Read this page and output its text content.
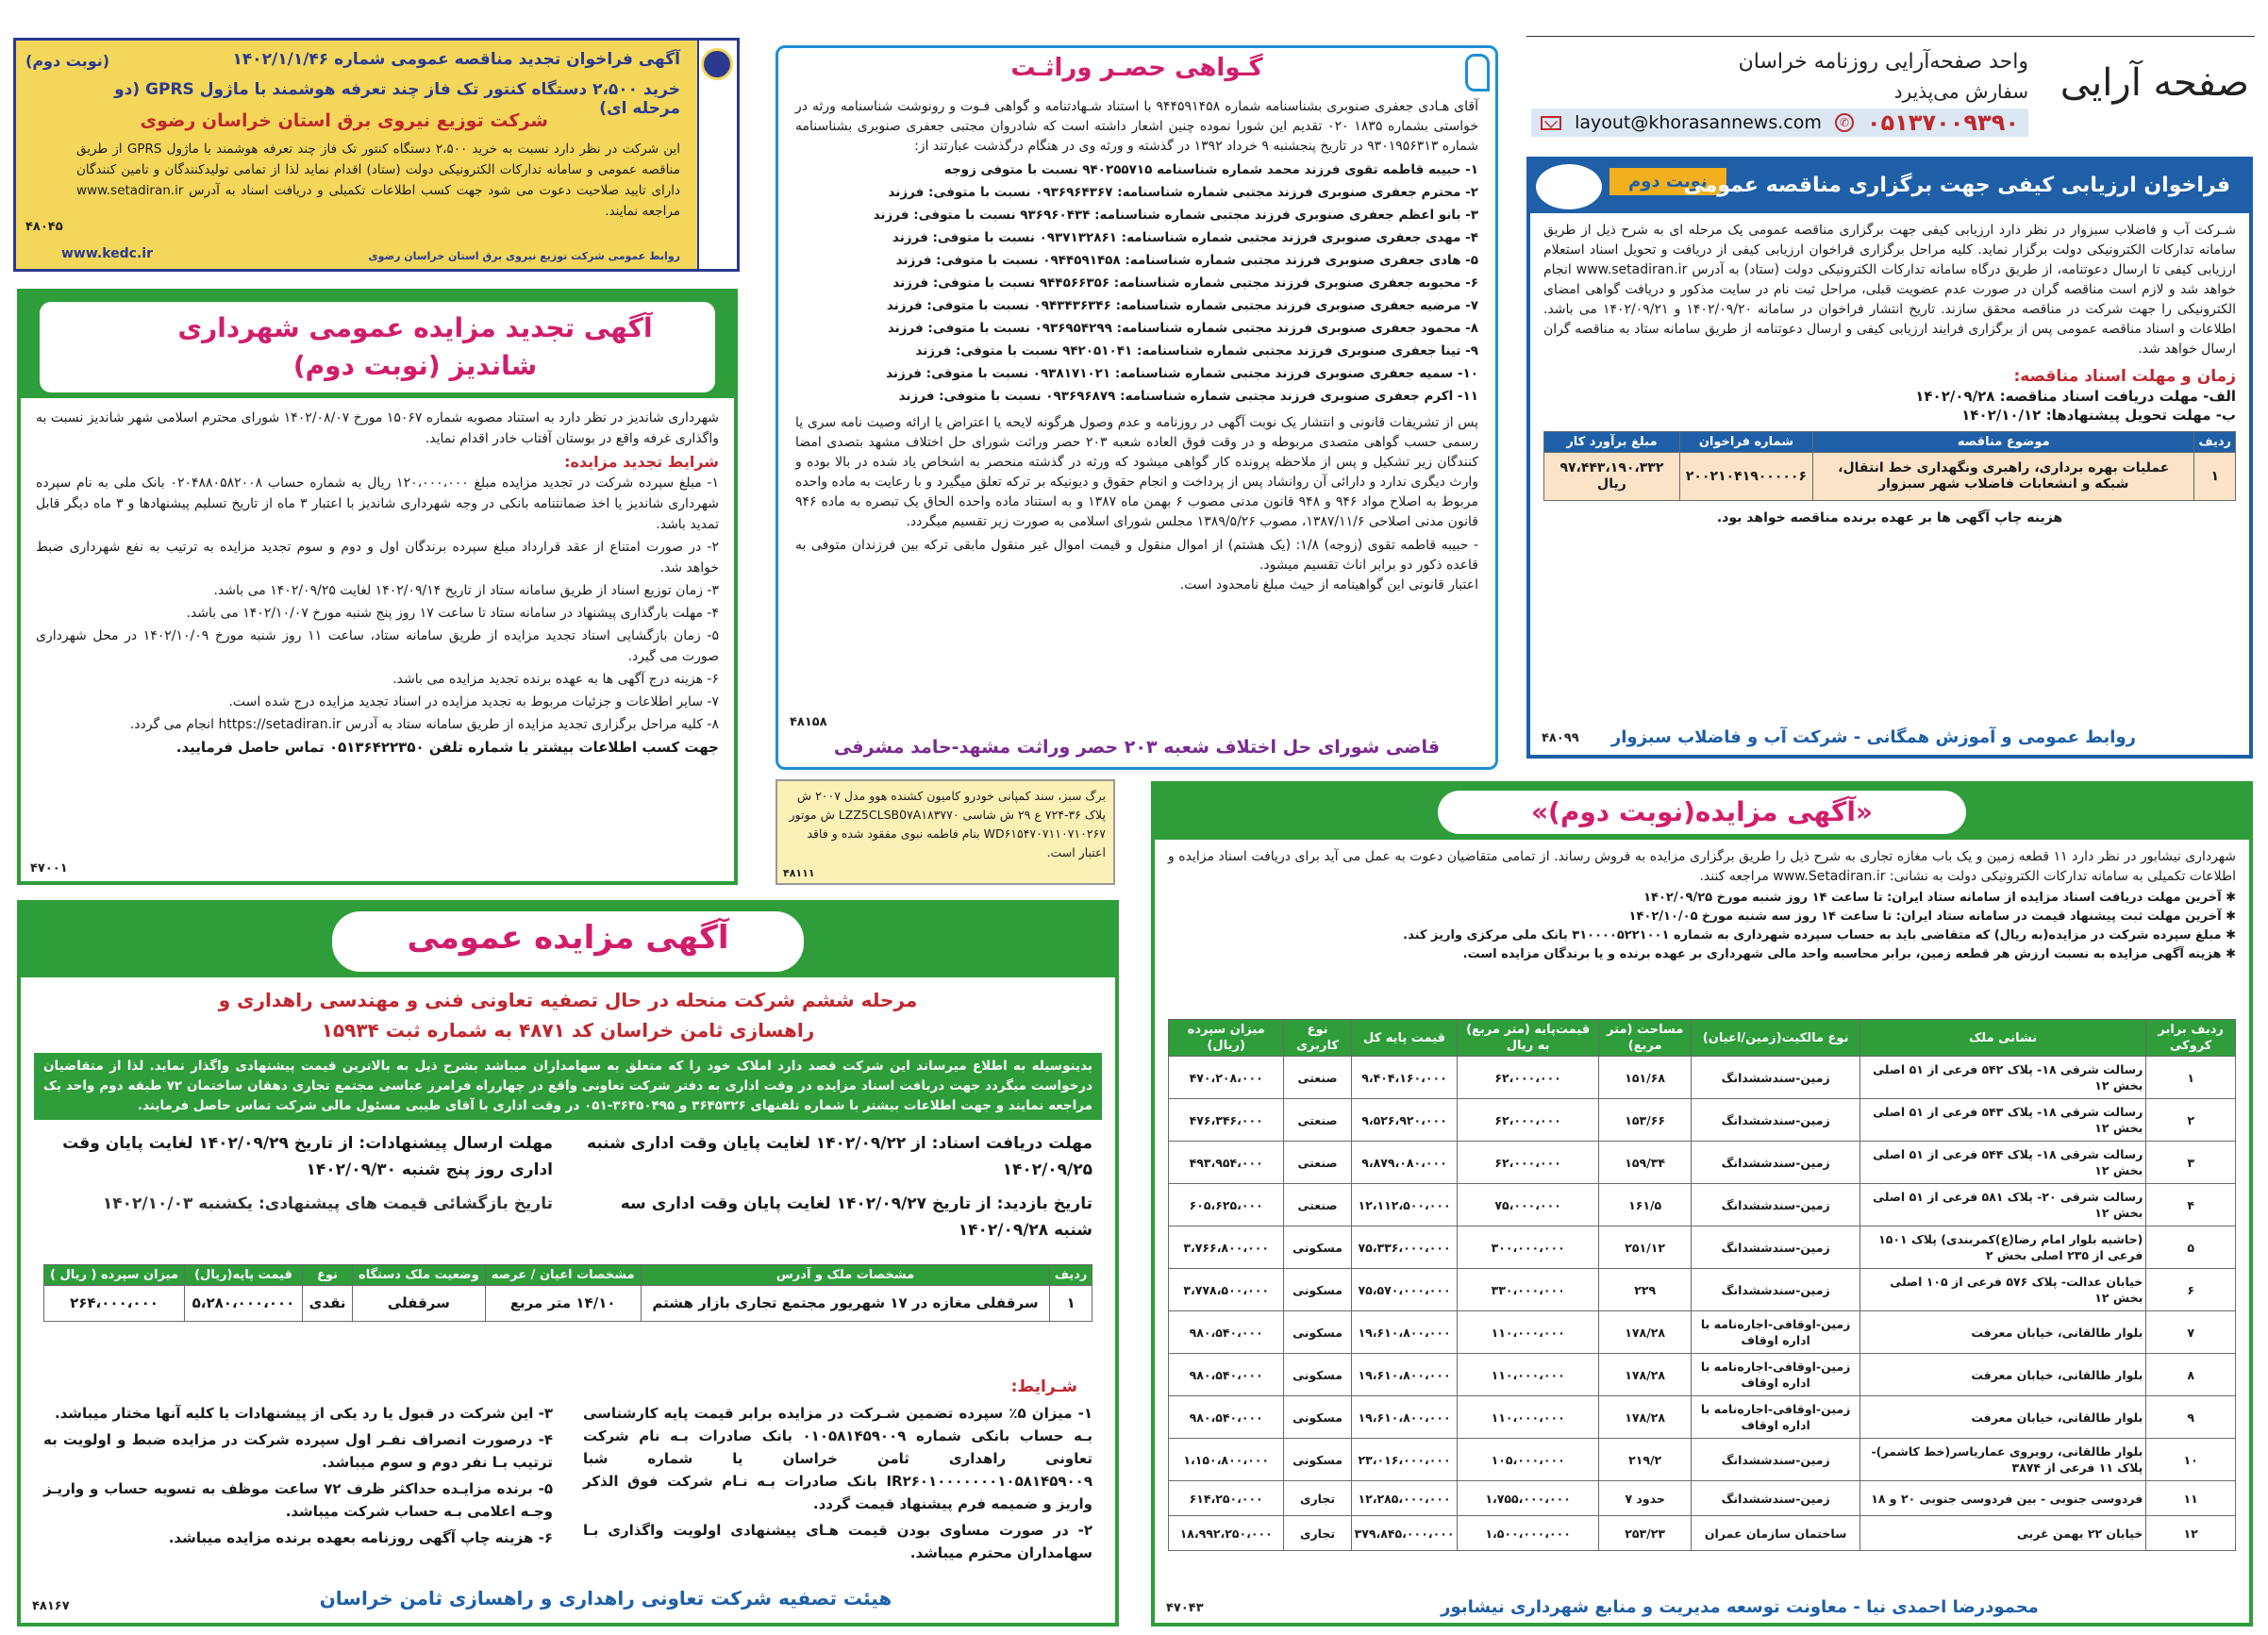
صفحه آرایی
واحد صفحه‌آرایی روزنامه خراسان
سفارش می‌پذیرد
layout@khorasannews.com	✆ ۰۵۱۳۷۰۰۹۳۹۰
(نوبت دوم)	آگهی فراخوان تجدید مناقصه عمومی شماره ۱۴۰۲/۱/۱/۴۶
خرید ۲،۵۰۰ دستگاه کنتور تک فاز چند تعرفه هوشمند با ماژول GPRS (دو مرحله ای)
شرکت توزیع نیروی برق استان خراسان رضوی
این شرکت در نظر دارد نسبت به خرید ۲،۵۰۰ دستگاه کنتور تک فاز چند تعرفه هوشمند با ماژول GPRS از طریق مناقصه عمومی و سامانه تدارکات الکترونیکی دولت (ستاد) اقدام نماید لذا از تمامی تولیدکنندگان و تامین کنندگان دارای تایید صلاحیت دعوت می شود جهت کسب اطلاعات تکمیلی و دریافت اسناد به آدرس www.setadiran.ir مراجعه نمایند.
www.kedc.ir	روابط عمومی شرکت توزیع نیروی برق استان خراسان رضوی
۴۸۰۴۵
گـواهی حصـر وراثـت
آقای هـادی جعفری صنوبری بشناسنامه شماره ۹۴۴۵۹۱۴۵۸ با استناد شـهادتنامه و گواهی فـوت و رونوشت شناسنامه ورثه در خواستی بشماره ۱۸۳۵ ۰۲۰ تقدیم این شورا نموده چنین اشعار داشته است که شادروان مجتبی جعفری صنوبری بشناسنامه شماره ۹۳۰۱۹۵۶۳۱۳ در تاریخ پنجشنبه ۹ خرداد ۱۳۹۲ در گذشته و ورثه وی در هنگام درگذشت عبارتند از:
۱- حبیبه قاطمه تقوی فرزند محمد شماره شناسنامه ۹۴۰۲۵۵۷۱۵ نسبت با متوفی زوجه
۲- محترم جعفری صنوبری فرزند مجتبی شماره شناسنامه: ۰۹۳۶۹۶۴۳۶۷ نسبت با متوفی: فرزند
۳- بانو اعظم جعفری صنوبری فرزند مجتبی شماره شناسنامه: ۹۳۶۹۶۰۴۳۴ نسبت با متوفی: فرزند
۴- مهدی جعفری صنوبری فرزند مجتبی شماره شناسنامه: ۰۹۳۷۱۳۲۸۶۱ نسبت با متوفی: فرزند
۵- هادی جعفری صنوبری فرزند مجتبی شماره شناسنامه: ۰۹۴۴۵۹۱۴۵۸ نسبت با متوفی: فرزند
۶- محبوبه جعفری صنوبری فرزند مجتبی شماره شناسنامه: ۹۴۴۵۶۶۳۵۶ نسبت با متوفی: فرزند
۷- مرضیه جعفری صنوبری فرزند مجتبی شماره شناسنامه: ۰۹۴۳۴۳۶۳۴۶ نسبت با متوفی: فرزند
۸- محمود جعفری صنوبری فرزند مجتبی شماره شناسنامه: ۰۹۳۶۹۵۴۲۹۹ نسبت با متوفی: فرزند
۹- تینا جعفری صنوبری فرزند مجتبی شماره شناسنامه: ۹۴۲۰۵۱۰۴۱ نسبت با متوفی: فرزند
۱۰- سمیه جعفری صنوبری فرزند مجتبی شماره شناسنامه: ۰۹۳۸۱۷۱۰۲۱ نسبت با متوفی: فرزند
۱۱- اکرم جعفری صنوبری فرزند مجتبی شماره شناسنامه: ۰۹۳۶۹۶۸۷۹ نسبت با متوفی: فرزند
پس از تشریفات قانونی و انتشار یک نوبت آگهی در روزنامه و عدم وصول هرگونه لایحه یا اعتراض یا ارائه وصیت نامه سری یا رسمی حسب گواهی متصدی مربوطه و در وقت فوق العاده شعبه ۲۰۳ حصر وراثت شورای حل اختلاف مشهد بتصدی امضا کنندگان زیر تشکیل و پس از ملاحظه پرونده کار گواهی میشود که ورثه در گذشته منحصر به اشخاص یاد شده در بالا بوده و وارث دیگری ندارد و دارائی آن روانشاد پس از پرداخت و انجام حقوق و دیونیکه بر ترکه تعلق میگیرد و با رعایت به ماده واحده مربوط به اصلاح مواد ۹۴۶ و ۹۴۸ قانون مدنی مصوب ۶ بهمن ماه ۱۳۸۷ و به استناد ماده واحده الحاق یک تبصره به ماده ۹۴۶ قانون مدنی اصلاحی ۱۳۸۷/۱۱/۶، مصوب ۱۳۸۹/۵/۲۶ مجلس شورای اسلامی به صورت زیر تقسیم میگردد.
- حبیبه قاطمه تقوی (زوجه) ۱/۸: (یک هشتم) از اموال منقول و قیمت اموال غیر منقول مابقی ترکه بین فرزندان متوفی به قاعده ذکور دو برابر اناث تقسیم میشود.
اعتبار قانونی این گواهینامه از حیث مبلغ نامحدود است.
قاضی شورای حل اختلاف شعبه ۲۰۳ حصر وراثت مشهد-حامد مشرفی
۴۸۱۵۸
نوبت دوم
فراخوان ارزیابی کیفی جهت برگزاری مناقصه عمومی
شـرکت آب و فاضلاب سبزوار در نظر دارد ارزیابی کیفی جهت برگزاری مناقصه عمومی یک مرحله ای به شرح ذیل از طریق سامانه تدارکات الکترونیکی دولت برگزار نماید. کلیه مراحل برگزاری فراخوان ارزیابی کیفی از دریافت و تحویل اسناد استعلام ارزیابی کیفی تا ارسال دعوتنامه، از طریق درگاه سامانه تدارکات الکترونیکی دولت (ستاد) به آدرس www.setadiran.ir انجام خواهد شد و لازم است مناقصه گران در صورت عدم عضویت قبلی، مراحل ثبت نام در سایت مذکور و دریافت گواهی امضای الکترونیکی را جهت شرکت در مناقصه محقق سازند. تاریخ انتشار فراخوان در سامانه ۱۴۰۲/۰۹/۲۰ و ۱۴۰۲/۰۹/۲۱ می باشد. اطلاعات و اسناد مناقصه عمومی پس از برگزاری فرایند ارزیابی کیفی و ارسال دعوتنامه از طریق سامانه ستاد به مناقصه گران ارسال خواهد شد.
زمان و مهلت اسناد مناقصه:
الف- مهلت دریافت اسناد مناقصه: ۱۴۰۲/۰۹/۲۸
ب- مهلت تحویل پیشنهادها: ۱۴۰۲/۱۰/۱۲
ردیف	موضوع مناقصه	شماره فراخوان	مبلغ برآورد کار
۱	عملیات بهره برداری، راهبری ونگهداری خط انتقال، شبکه و انشعابات فاضلاب شهر سبزوار	۲۰۰۲۱۰۴۱۹۰۰۰۰۰۶	۹۷،۴۴۳،۱۹۰،۳۳۲ ریال
هزینه چاپ آگهی ها بر عهده برنده مناقصه خواهد بود.
روابط عمومی و آموزش همگانی - شرکت آب و فاضلاب سبزوار
۴۸۰۹۹
آگهی تجدید مزایده عمومی شهرداری شاندیز (نوبت دوم)
شهرداری شاندیز در نظر دارد به استناد مصوبه شماره ۱۵۰۶۷ مورخ ۱۴۰۲/۰۸/۰۷ شورای محترم اسلامی شهر شاندیز نسبت به واگذاری غرفه واقع در بوستان آفتاب خادر اقدام نماید.
شرایط تجدید مزایده:
۱- مبلغ سپرده شرکت در تجدید مزایده مبلغ ۱۲۰،۰۰۰،۰۰۰ ریال به شماره حساب ۰۲۰۴۸۸۰۵۸۲۰۰۸ بانک ملی به نام سپرده شهرداری شاندیز یا اخذ ضمانتنامه بانکی در وجه شهرداری شاندیز با اعتبار ۳ ماه از تاریخ تسلیم پیشنهادها و ۳ ماه دیگر قابل تمدید باشد.
۲- در صورت امتناع از عقد قرارداد مبلغ سپرده برندگان اول و دوم و سوم تجدید مزایده به ترتیب به نفع شهرداری ضبط خواهد شد.
۳- زمان توزیع اسناد از طریق سامانه ستاد از تاریخ ۱۴۰۲/۰۹/۱۴ لغایت ۱۴۰۲/۰۹/۲۵ می باشد.
۴- مهلت بارگذاری پیشنهاد در سامانه ستاد تا ساعت ۱۷ روز پنج شنبه مورخ ۱۴۰۲/۱۰/۰۷ می باشد.
۵- زمان بازگشایی اسناد تجدید مزایده از طریق سامانه ستاد، ساعت ۱۱ روز شنبه مورخ ۱۴۰۲/۱۰/۰۹ در محل شهرداری صورت می گیرد.
۶- هزینه درج آگهی ها به عهده برنده تجدید مزایده می باشد.
۷- سایر اطلاعات و جزئیات مربوط به تجدید مزایده در اسناد تجدید مزایده درج شده است.
۸- کلیه مراحل برگزاری تجدید مزایده از طریق سامانه ستاد به آدرس https://setadiran.ir انجام می گردد.
جهت کسب اطلاعات بیشتر با شماره تلفن ۰۵۱۳۶۴۲۲۳۵۰ تماس حاصل فرمایید.
۴۷۰۰۱
برگ سبز، سند کمپانی خودرو کامیون کشنده هوو مدل ۲۰۰۷ ش پلاک ۳۶-۷۲۴ ع ۲۹ ش شاسی LZZ5CLSB0۷A۱۸۳۷۷۰ ش موتور WD۶۱۵۴۷۰۷۱۱۰۷۱۰۲۶۷ بنام فاطمه نبوی مفقود شده و فاقد اعتبار است.
۴۸۱۱۱
آگهی مزایده عمومی
مرحله ششم شرکت منحله در حال تصفیه تعاونی فنی و مهندسی راهداری و راهسازی ثامن خراسان کد ۴۸۷۱ به شماره ثبت ۱۵۹۳۴
بدینوسیله به اطلاع میرساند این شرکت قصد دارد املاک خود را که متعلق به سهامداران میباشد بشرح ذیل به بالاترین قیمت پیشنهادی واگذار نماید. لذا از متقاضیان درخواست میگردد جهت دریافت اسناد مزایده در وقت اداری به دفتر شرکت تعاونی واقع در چهارراه فرامرز عباسی مجتمع تجاری دهقان ساختمان ۷۲ طبقه دوم واحد یک مراجعه نمایند و جهت اطلاعات بیشتر با شماره تلفنهای ۳۶۴۵۳۲۶ و ۳۶۴۵۰۴۹۵-۰۵۱ در وقت اداری با آقای طیبی مسئول مالی شرکت تماس حاصل فرمایند.
مهلت دریافت اسناد: از ۱۴۰۲/۰۹/۲۲ لغایت پایان وقت اداری شنبه ۱۴۰۲/۰۹/۲۵
تاریخ بازدید: از تاریخ ۱۴۰۲/۰۹/۲۷ لغایت پایان وقت اداری سه شنبه ۱۴۰۲/۰۹/۲۸
مهلت ارسال پیشنهادات: از تاریخ ۱۴۰۲/۰۹/۲۹ لغایت پایان وقت اداری روز پنج شنبه ۱۴۰۲/۰۹/۳۰
تاریخ بازگشائی قیمت های پیشنهادی: یکشنبه ۱۴۰۲/۱۰/۰۳
ردیف	مشخصات ملک و آدرس	مشخصات اعیان / عرصه	وضعیت ملک دستگاه	نوع	قیمت پایه(ریال)	میزان سپرده ( ریال )
۱	سرقفلی مغازه در ۱۷ شهریور مجتمع تجاری بازار هشتم	۱۴/۱۰ متر مربع	سرقفلی	نقدی	۵،۲۸۰،۰۰۰،۰۰۰	۲۶۴،۰۰۰،۰۰۰
شـرایط:
۱- میزان ۵٪ سپرده تضمین شـرکت در مزایده برابر قیمت پایه کارشناسی بـه حساب بانکی شماره ۰۱۰۵۸۱۴۵۹۰۰۹ بانک صادرات بـه نام شرکت تعاونی راهداری ثامن خراسان یا شماره شبا IR۲۶۰۱۰۰۰۰۰۰۰۱۰۵۸۱۴۵۹۰۰۹ بانک صادرات بـه نـام شرکت فوق الذکر واریز و ضمیمه فرم پیشنهاد قیمت گردد.
۲- در صورت مساوی بودن قیمت هـای پیشنهادی اولویت واگذاری بـا سهامداران محترم میباشد.
۳- این شرکت در قبول یا رد یکی از پیشنهادات یا کلیه آنها مختار میباشد.
۴- درصورت انصراف نفـر اول سپرده شرکت در مزایده ضبط و اولویت به ترتیب بـا نفر دوم و سوم میباشد.
۵- برنده مزایـده حداکثر ظرف ۷۲ ساعت موظف به تسویه حساب و واریـز وجـه اعلامی بـه حساب شرکت میباشد.
۶- هزینه چاپ آگهی روزنامه بعهده برنده مزایده میباشد.
هیئت تصفیه شرکت تعاونی راهداری و راهسازی ثامن خراسان
۴۸۱۶۷
«آگهی مزایده(نوبت دوم)»
شهرداری نیشابور در نظر دارد ۱۱ قطعه زمین و یک باب مغازه تجاری به شرح ذیل را طریق برگزاری مزایده به فروش رساند. از تمامی متقاضیان دعوت به عمل می آید برای دریافت اسناد مزایده و اطلاعات تکمیلی به سامانه تدارکات الکترونیکی دولت به نشانی: www.Setadiran.ir مراجعه کنند.
✱ آخرین مهلت دریافت اسناد مزایده از سامانه ستاد ایران: تا ساعت ۱۴ روز شنبه مورخ ۱۴۰۲/۰۹/۲۵
✱ آخرین مهلت ثبت پیشنهاد قیمت در سامانه ستاد ایران: تا ساعت ۱۴ روز سه شنبه مورخ ۱۴۰۲/۱۰/۰۵
✱ مبلغ سپرده شرکت در مزایده(به ریال) که متقاضی باید به حساب سپرده شهرداری به شماره ۳۱۰۰۰۰۵۲۲۱۰۰۱ بانک ملی مرکزی واریز کند.
✱ هزینه آگهی مزایده به نسبت ارزش هر قطعه زمین، برابر محاسبه واحد مالی شهرداری بر عهده برنده و یا برندگان مزایده است.
ردیف برابر کروکی	نشانی ملک	نوع مالکیت(زمین/اعیان)	مساحت (متر مربع)	قیمت‌پایه (متر مربع) به ریال	قیمت پایه کل	نوع کاربری	میزان سپرده (ریال)
۱	رسالت شرقی ۱۸- پلاک ۵۴۲ فرعی از ۵۱ اصلی بخش ۱۲	زمین-سندششدانگ	۱۵۱/۶۸	۶۲،۰۰۰،۰۰۰	۹،۴۰۴،۱۶۰،۰۰۰	صنعتی	۴۷۰،۲۰۸،۰۰۰
۲	رسالت شرقی ۱۸- پلاک ۵۴۳ فرعی از ۵۱ اصلی بخش ۱۲	زمین-سندششدانگ	۱۵۳/۶۶	۶۲،۰۰۰،۰۰۰	۹،۵۲۶،۹۲۰،۰۰۰	صنعتی	۴۷۶،۳۴۶،۰۰۰
۳	رسالت شرقی ۱۸- پلاک ۵۴۴ فرعی از ۵۱ اصلی بخش ۱۲	زمین-سندششدانگ	۱۵۹/۳۴	۶۲،۰۰۰،۰۰۰	۹،۸۷۹،۰۸۰،۰۰۰	صنعتی	۴۹۳،۹۵۴،۰۰۰
۴	رسالت شرقی ۲۰- پلاک ۵۸۱ فرعی از ۵۱ اصلی بخش ۱۲	زمین-سندششدانگ	۱۶۱/۵	۷۵،۰۰۰،۰۰۰	۱۲،۱۱۲،۵۰۰،۰۰۰	صنعتی	۶۰۵،۶۲۵،۰۰۰
۵	(حاشیه بلوار امام رضا(ع)کمربندی) پلاک ۱۵۰۱ فرعی از ۲۳۵ اصلی بخش ۲	زمین-سندششدانگ	۲۵۱/۱۲	۳۰۰،۰۰۰،۰۰۰	۷۵،۳۳۶،۰۰۰،۰۰۰	مسکونی	۳،۷۶۶،۸۰۰،۰۰۰
۶	خیابان عدالت- پلاک ۵۷۶ فرعی از ۱۰۵ اصلی بخش ۱۲	زمین-سندششدانگ	۲۲۹	۳۳۰،۰۰۰،۰۰۰	۷۵،۵۷۰،۰۰۰،۰۰۰	مسکونی	۳،۷۷۸،۵۰۰،۰۰۰
۷	بلوار طالقانی، خیابان معرفت	زمین-اوقافی-اجاره‌نامه با اداره اوقاف	۱۷۸/۲۸	۱۱۰،۰۰۰،۰۰۰	۱۹،۶۱۰،۸۰۰،۰۰۰	مسکونی	۹۸۰،۵۴۰،۰۰۰
۸	بلوار طالقانی، خیابان معرفت	زمین-اوقافی-اجاره‌نامه با اداره اوقاف	۱۷۸/۲۸	۱۱۰،۰۰۰،۰۰۰	۱۹،۶۱۰،۸۰۰،۰۰۰	مسکونی	۹۸۰،۵۴۰،۰۰۰
۹	بلوار طالقانی، خیابان معرفت	زمین-اوقافی-اجاره‌نامه با اداره اوقاف	۱۷۸/۲۸	۱۱۰،۰۰۰،۰۰۰	۱۹،۶۱۰،۸۰۰،۰۰۰	مسکونی	۹۸۰،۵۴۰،۰۰۰
۱۰	بلوار طالقانی، روبروی عماریاسر(خط کاشمر)- پلاک ۱۱ فرعی از ۳۸۷۴	زمین-سندششدانگ	۲۱۹/۲	۱۰۵،۰۰۰،۰۰۰	۲۳،۰۱۶،۰۰۰،۰۰۰	مسکونی	۱،۱۵۰،۸۰۰،۰۰۰
۱۱	فردوسی جنوبی - بین فردوسی جنوبی ۲۰ و ۱۸	زمین-سندششدانگ	حدود ۷	۱،۷۵۵،۰۰۰،۰۰۰	۱۲،۲۸۵،۰۰۰،۰۰۰	تجاری	۶۱۴،۲۵۰،۰۰۰
۱۲	خیابان ۲۲ بهمن غربی	ساختمان سازمان عمران	۲۵۳/۲۳	۱،۵۰۰،۰۰۰،۰۰۰	۳۷۹،۸۴۵،۰۰۰،۰۰۰	تجاری	۱۸،۹۹۲،۲۵۰،۰۰۰
محمودرضا احمدی نیا - معاونت توسعه مدیریت و منابع شهرداری نیشابور
۴۷۰۴۳
